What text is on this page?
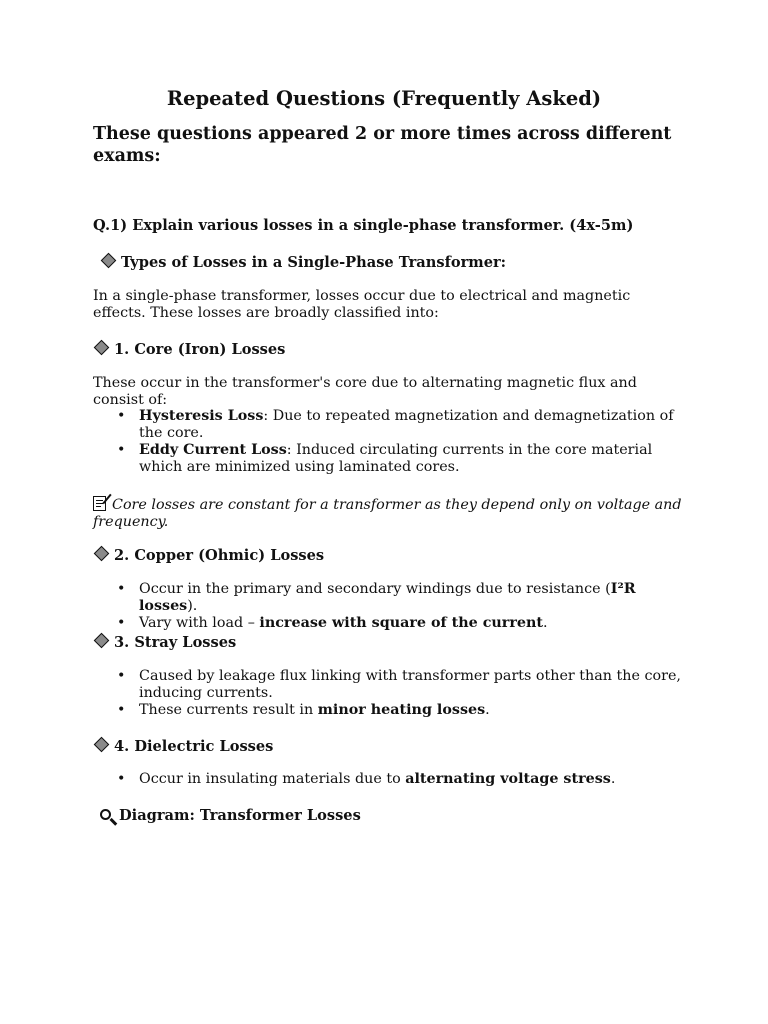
Repeated Questions (Frequently Asked)
These questions appeared 2 or more times across different exams:
Q.1) Explain various losses in a single-phase transformer. (4x-5m)
Types of Losses in a Single-Phase Transformer:
In a single-phase transformer, losses occur due to electrical and magnetic effects. These losses are broadly classified into:
1. Core (Iron) Losses
These occur in the transformer's core due to alternating magnetic flux and consist of:
• Hysteresis Loss: Due to repeated magnetization and demagnetization of the core.
• Eddy Current Loss: Induced circulating currents in the core material which are minimized using laminated cores.
Core losses are constant for a transformer as they depend only on voltage and frequency.
2. Copper (Ohmic) Losses
• Occur in the primary and secondary windings due to resistance (I²R losses).
• Vary with load – increase with square of the current.
3. Stray Losses
• Caused by leakage flux linking with transformer parts other than the core, inducing currents.
• These currents result in minor heating losses.
4. Dielectric Losses
• Occur in insulating materials due to alternating voltage stress.
Diagram: Transformer Losses
